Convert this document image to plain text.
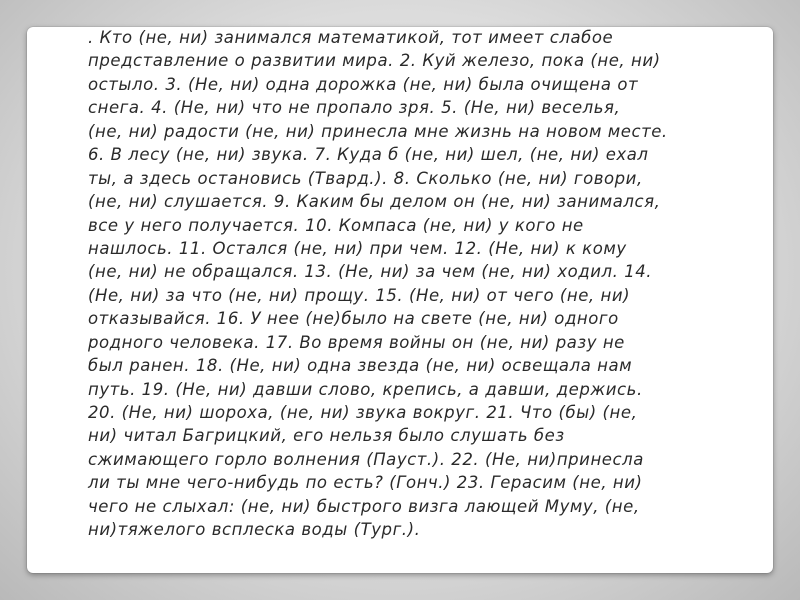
. Кто (не, ни) занимался математикой, тот имеет слабое
представление о развитии мира. 2. Куй железо, пока (не, ни)
остыло. 3. (Не, ни) одна дорожка (не, ни) была очищена от
снега. 4. (Не, ни) что не пропало зря. 5. (Не, ни) веселья,
(не, ни) радости (не, ни) принесла мне жизнь на новом месте.
6. В лесу (не, ни) звука. 7. Куда б (не, ни) шел, (не, ни) ехал
ты, а здесь остановись (Твард.). 8. Сколько (не, ни) говори,
(не, ни) слушается. 9. Каким бы делом он (не, ни) занимался,
все у него получается. 10. Компаса (не, ни) у кого не
нашлось. 11. Остался (не, ни) при чем. 12. (Не, ни) к кому
(не, ни) не обращался. 13. (Не, ни) за чем (не, ни) ходил. 14.
(Не, ни) за что (не, ни) прощу. 15. (Не, ни) от чего (не, ни)
отказывайся. 16. У нее (не)было на свете (не, ни) одного
родного человека. 17. Во время войны он (не, ни) разу не
был ранен. 18. (Не, ни) одна звезда (не, ни) освещала нам
путь. 19. (Не, ни) давши слово, крепись, а давши, держись.
20. (Не, ни) шороха, (не, ни) звука вокруг. 21. Что (бы) (не,
ни) читал Багрицкий, его нельзя было слушать без
сжимающего горло волнения (Пауст.). 22. (Не, ни)принесла
ли ты мне чего-нибудь по есть? (Гонч.) 23. Герасим (не, ни)
чего не слыхал: (не, ни) быстрого визга лающей Муму, (не,
ни)тяжелого всплеска воды (Тург.).
